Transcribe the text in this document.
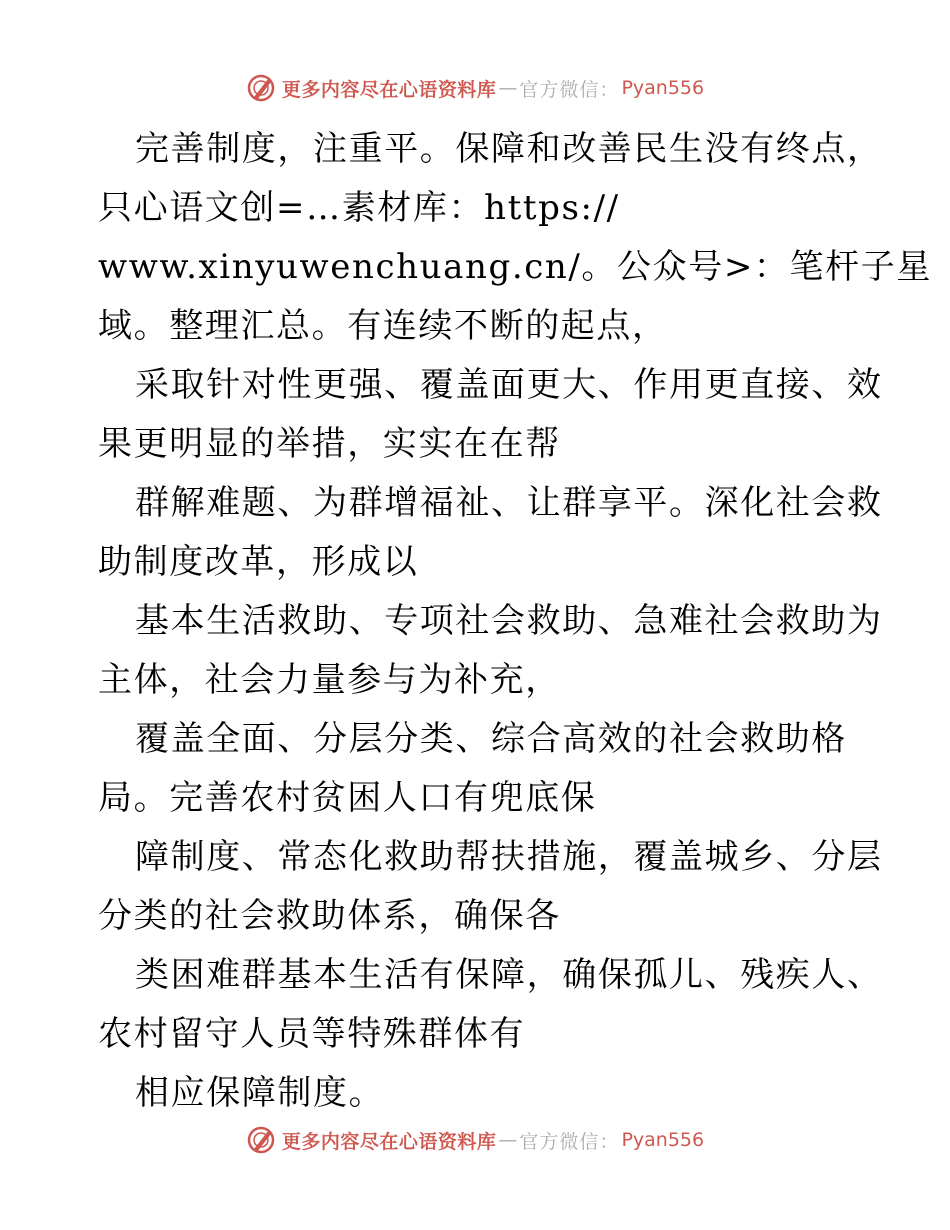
更多内容尽在心语资料库 — 官方微信： Pyan556
完善制度，注重平。保障和改善民生没有终点，
只心语文创=…素材库：https://
www.xinyuwenchuang.cn/。公众号>：笔杆子星
域。整理汇总。有连续不断的起点，
采取针对性更强、覆盖面更大、作用更直接、效
果更明显的举措，实实在在帮
群解难题、为群增福祉、让群享平。深化社会救
助制度改革，形成以
基本生活救助、专项社会救助、急难社会救助为
主体，社会力量参与为补充，
覆盖全面、分层分类、综合高效的社会救助格
局。完善农村贫困人口有兜底保
障制度、常态化救助帮扶措施，覆盖城乡、分层
分类的社会救助体系，确保各
类困难群基本生活有保障，确保孤儿、残疾人、
农村留守人员等特殊群体有
相应保障制度。
更多内容尽在心语资料库 — 官方微信： Pyan556
